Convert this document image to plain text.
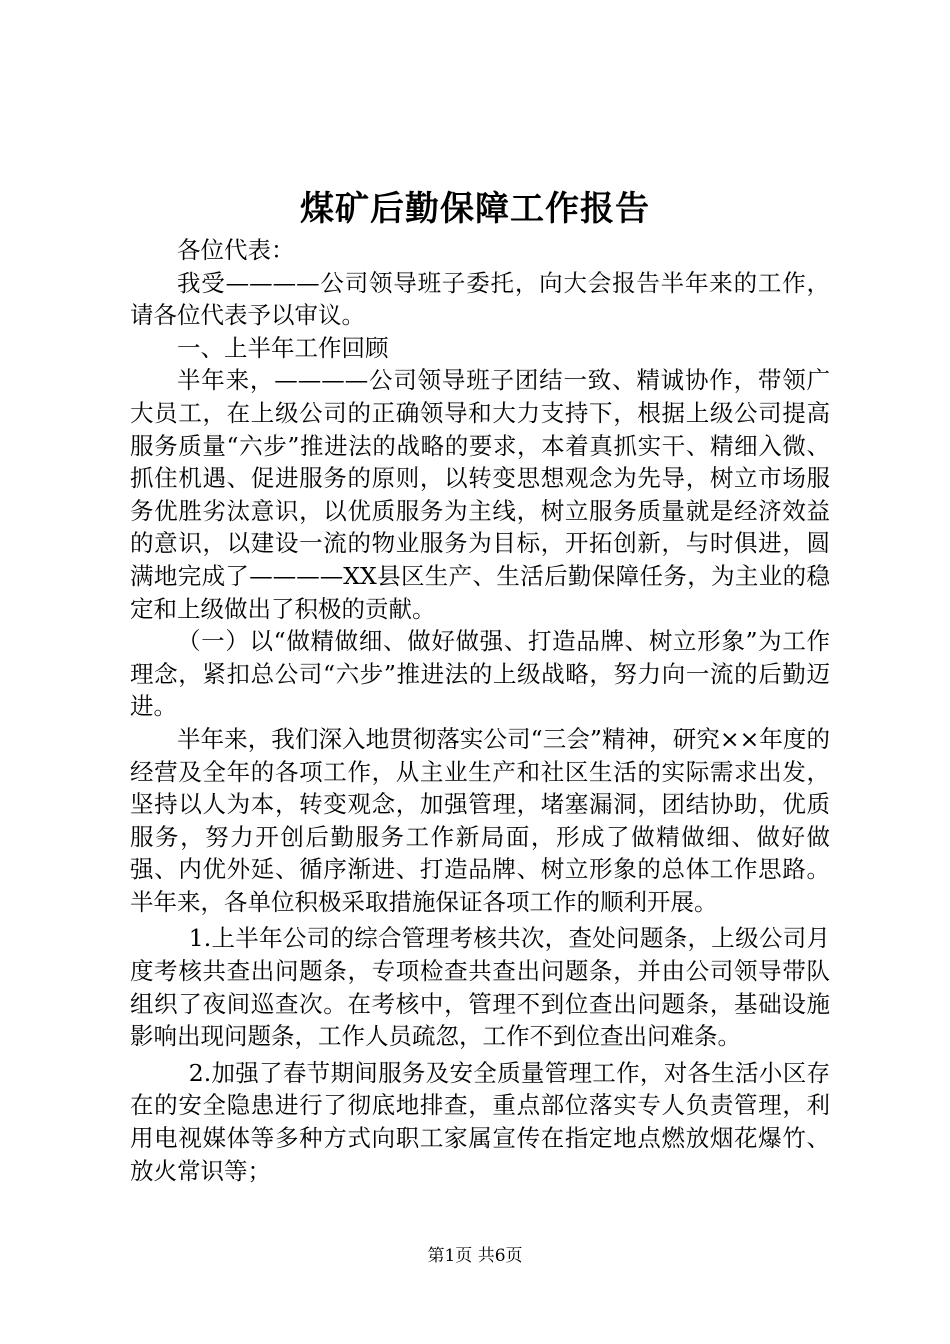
煤矿后勤保障工作报告

各位代表：

我受————公司领导班子委托，向大会报告半年来的工作，请各位代表予以审议。

一、上半年工作回顾

半年来，————公司领导班子团结一致、精诚协作，带领广大员工，在上级公司的正确领导和大力支持下，根据上级公司提高服务质量“六步”推进法的战略的要求，本着真抓实干、精细入微、抓住机遇、促进服务的原则，以转变思想观念为先导，树立市场服务优胜劣汰意识，以优质服务为主线，树立服务质量就是经济效益的意识，以建设一流的物业服务为目标，开拓创新，与时俱进，圆满地完成了————XX县区生产、生活后勤保障任务，为主业的稳定和上级做出了积极的贡献。

（一）以“做精做细、做好做强、打造品牌、树立形象”为工作理念，紧扣总公司“六步”推进法的上级战略，努力向一流的后勤迈进。

半年来，我们深入地贯彻落实公司“三会”精神，研究××年度的经营及全年的各项工作，从主业生产和社区生活的实际需求出发，坚持以人为本，转变观念，加强管理，堵塞漏洞，团结协助，优质服务，努力开创后勤服务工作新局面，形成了做精做细、做好做强、内优外延、循序渐进、打造品牌、树立形象的总体工作思路。半年来，各单位积极采取措施保证各项工作的顺利开展。

1.上半年公司的综合管理考核共次，查处问题条，上级公司月度考核共查出问题条，专项检查共查出问题条，并由公司领导带队组织了夜间巡查次。在考核中，管理不到位查出问题条，基础设施影响出现问题条，工作人员疏忽，工作不到位查出问难条。

2.加强了春节期间服务及安全质量管理工作，对各生活小区存在的安全隐患进行了彻底地排查，重点部位落实专人负责管理，利用电视媒体等多种方式向职工家属宣传在指定地点燃放烟花爆竹、放火常识等；

第1页 共6页
